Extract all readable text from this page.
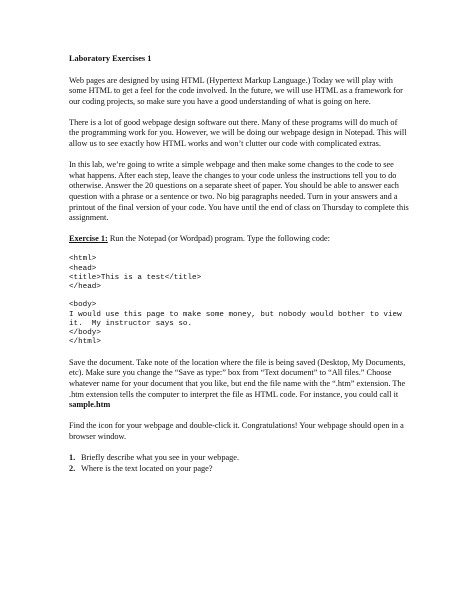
Laboratory Exercises 1

Web pages are designed by using HTML (Hypertext Markup Language.) Today we will play with some HTML to get a feel for the code involved. In the future, we will use HTML as a framework for our coding projects, so make sure you have a good understanding of what is going on here.

There is a lot of good webpage design software out there. Many of these programs will do much of the programming work for you. However, we will be doing our webpage design in Notepad. This will allow us to see exactly how HTML works and won’t clutter our code with complicated extras.

In this lab, we’re going to write a simple webpage and then make some changes to the code to see what happens. After each step, leave the changes to your code unless the instructions tell you to do otherwise. Answer the 20 questions on a separate sheet of paper. You should be able to answer each question with a phrase or a sentence or two. No big paragraphs needed. Turn in your answers and a printout of the final version of your code. You have until the end of class on Thursday to complete this assignment.

Exercise 1: Run the Notepad (or Wordpad) program. Type the following code:

<html>
<head>
<title>This is a test</title>
</head>
<body>
I would use this page to make some money, but nobody would bother to view it.  My instructor says so.
</body>
</html>

Save the document. Take note of the location where the file is being saved (Desktop, My Documents, etc). Make sure you change the “Save as type:” box from “Text document” to “All files.” Choose whatever name for your document that you like, but end the file name with the “.htm” extension. The .htm extension tells the computer to interpret the file as HTML code. For instance, you could call it sample.htm

Find the icon for your webpage and double-click it. Congratulations! Your webpage should open in a browser window.

1. Briefly describe what you see in your webpage.
2. Where is the text located on your page?
